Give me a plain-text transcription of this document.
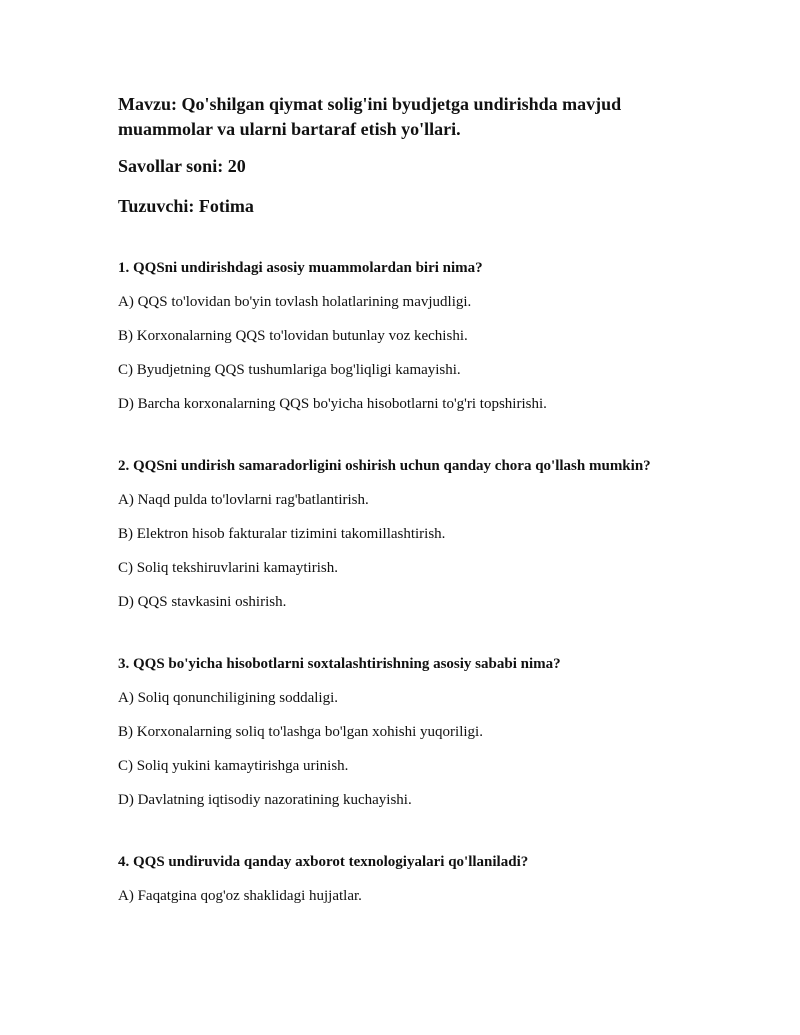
Mavzu: Qo'shilgan qiymat solig'ini byudjetga undirishda mavjud muammolar va ularni bartaraf etish yo'llari.

Savollar soni: 20

Tuzuvchi: Fotima

1. QQSni undirishdagi asosiy muammolardan biri nima?

A) QQS to'lovidan bo'yin tovlash holatlarining mavjudligi.

B) Korxonalarning QQS to'lovidan butunlay voz kechishi.

C) Byudjetning QQS tushumlariga bog'liqligi kamayishi.

D) Barcha korxonalarning QQS bo'yicha hisobotlarni to'g'ri topshirishi.

2. QQSni undirish samaradorligini oshirish uchun qanday chora qo'llash mumkin?

A) Naqd pulda to'lovlarni rag'batlantirish.

B) Elektron hisob fakturalar tizimini takomillashtirish.

C) Soliq tekshiruvlarini kamaytirish.

D) QQS stavkasini oshirish.

3. QQS bo'yicha hisobotlarni soxtalashtirishning asosiy sababi nima?

A) Soliq qonunchiligining soddaligi.

B) Korxonalarning soliq to'lashga bo'lgan xohishi yuqoriligi.

C) Soliq yukini kamaytirishga urinish.

D) Davlatning iqtisodiy nazoratining kuchayishi.

4. QQS undiruvida qanday axborot texnologiyalari qo'llaniladi?

A) Faqatgina qog'oz shaklidagi hujjatlar.
